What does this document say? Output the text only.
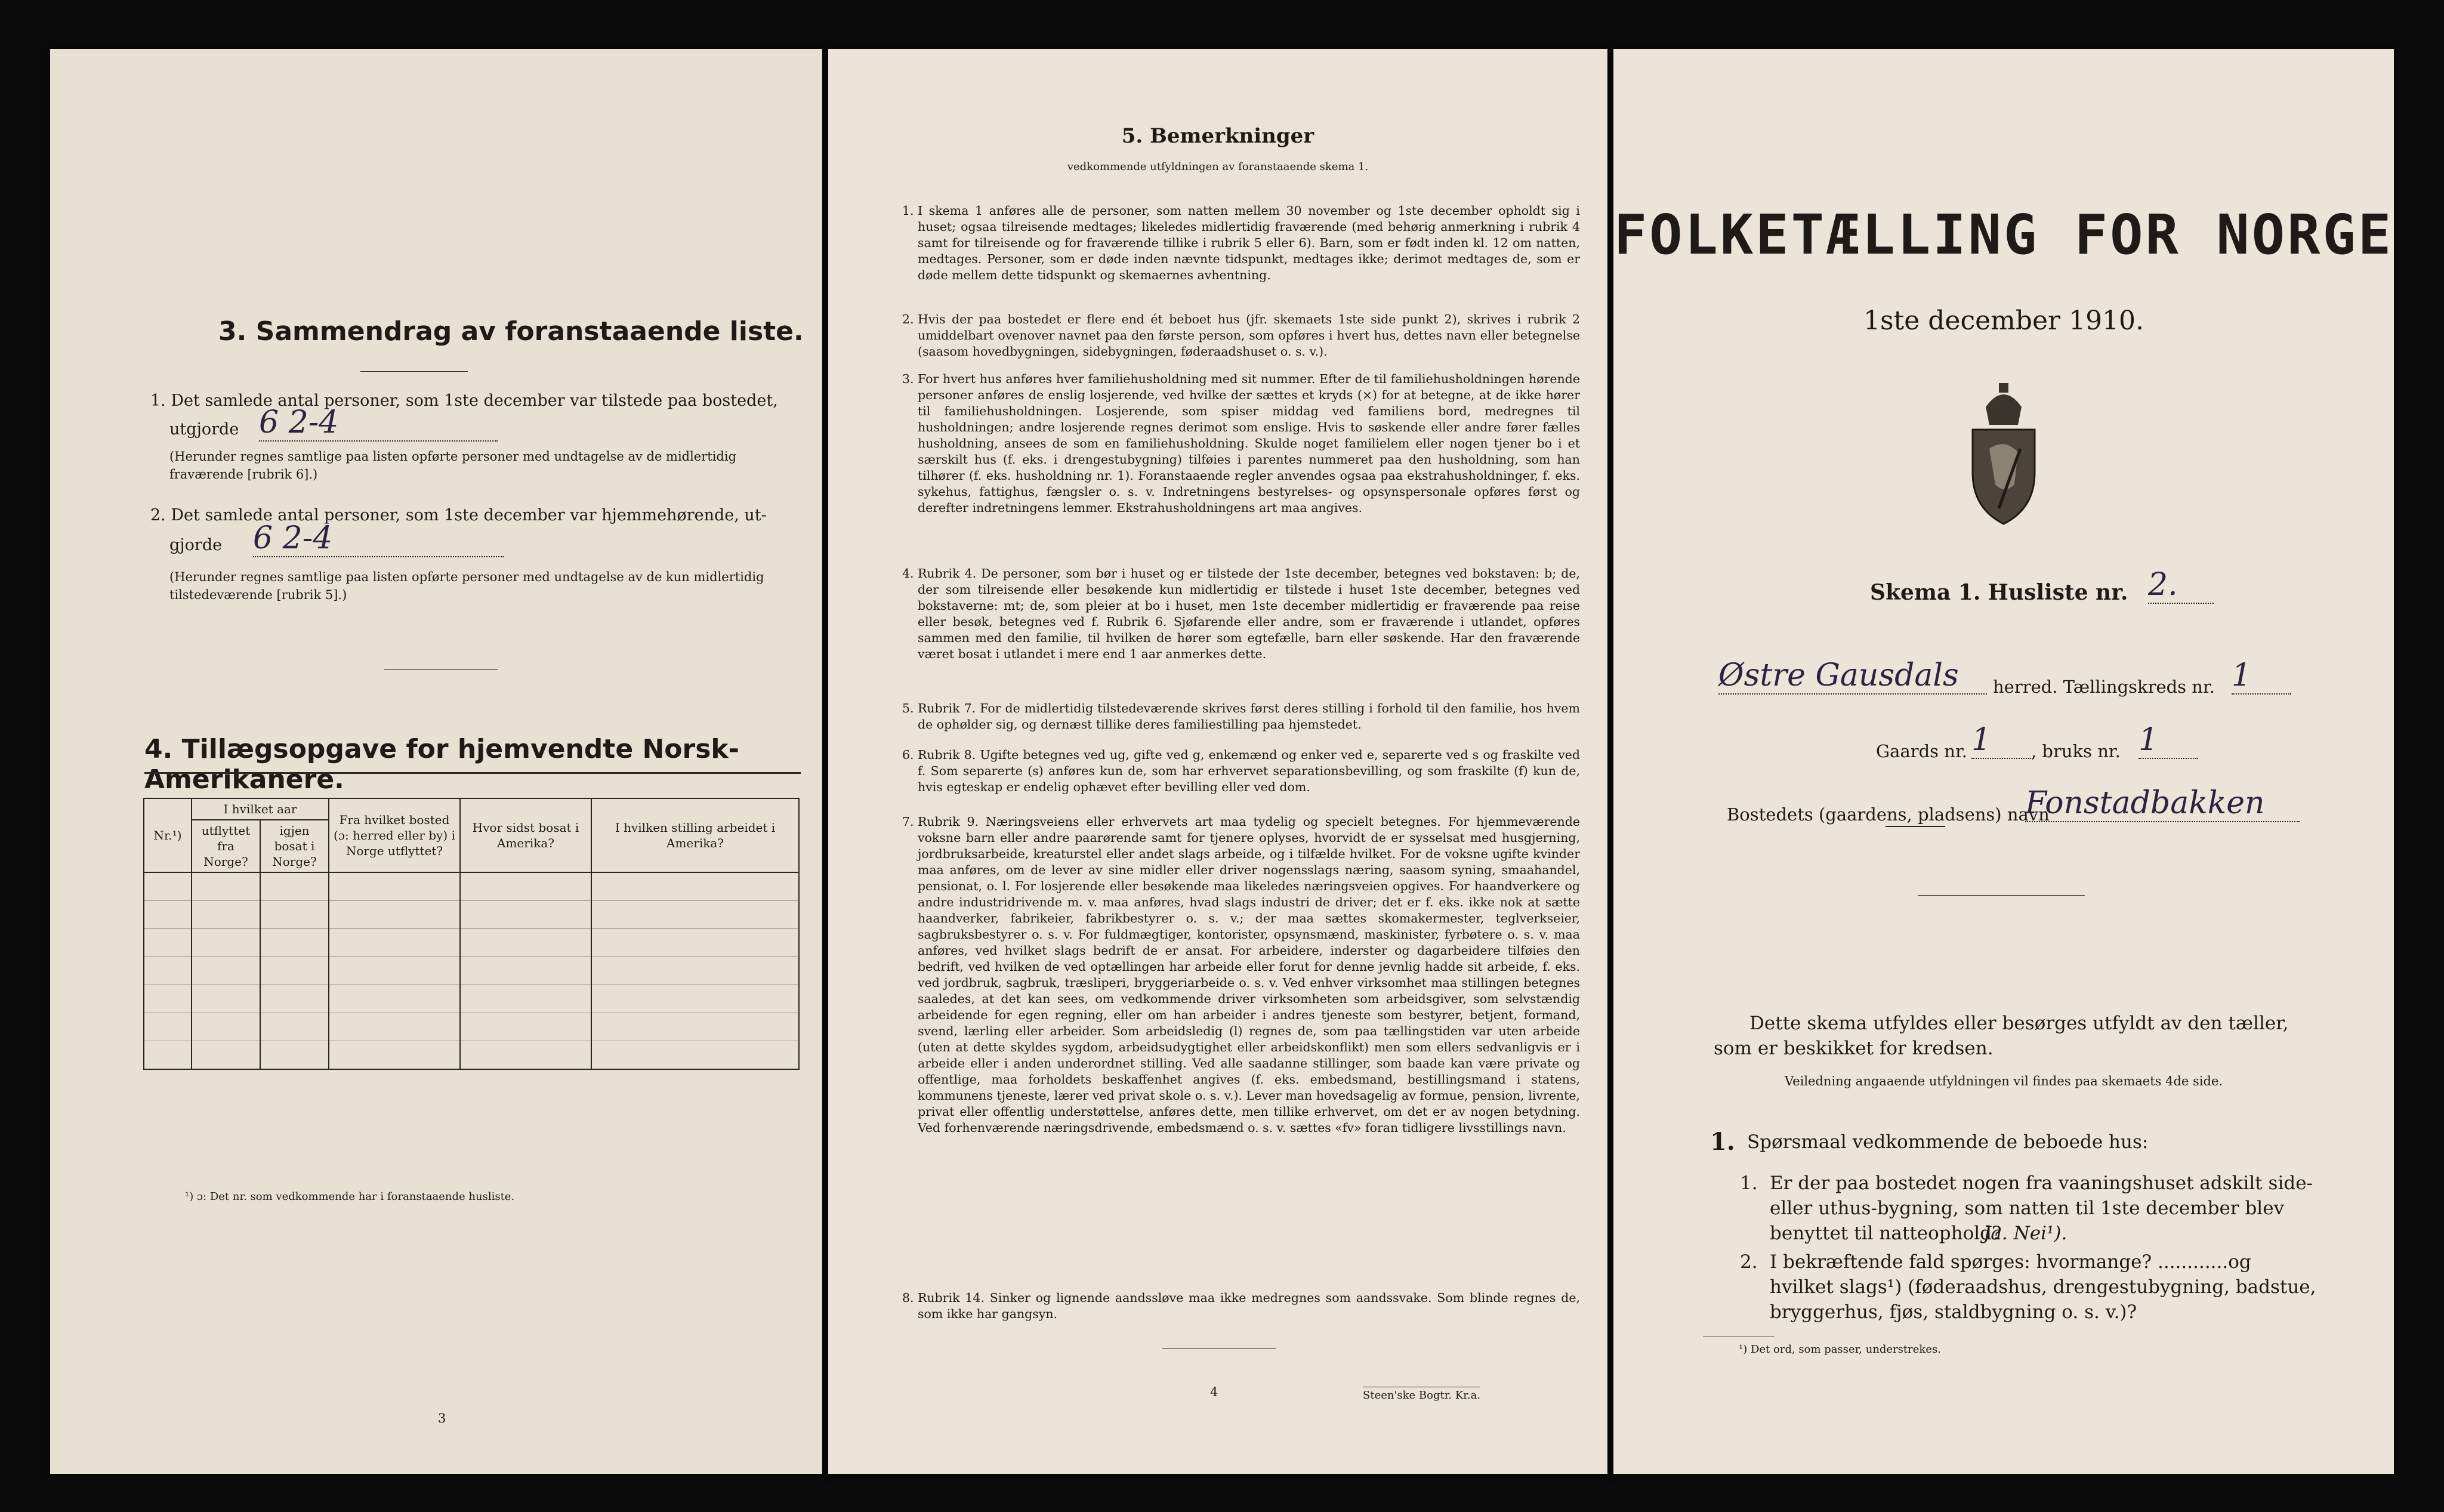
3. Sammendrag av foranstaaende liste.
1. Det samlede antal personer, som 1ste december var tilstede paa bostedet,
utgjorde 6 2-4
(Herunder regnes samtlige paa listen opførte personer med undtagelse av de midlertidig fraværende [rubrik 6].)
2. Det samlede antal personer, som 1ste december var hjemmehørende, ut-
gjorde 6 2-4
(Herunder regnes samtlige paa listen opførte personer med undtagelse av de kun midlertidig tilstedeværende [rubrik 5].)
4. Tillægsopgave for hjemvendte Norsk-Amerikanere.
Nr.¹)	I hvilket aar		Fra hvilket bosted (ɔ: herred eller by) i Norge utflyttet?	Hvor sidst bosat i Amerika?	I hvilken stilling arbeidet i Amerika?
	utflyttet fra Norge?	igjen bosat i Norge?			

¹) ɔ: Det nr. som vedkommende har i foranstaaende husliste.
3
5. Bemerkninger
vedkommende utfyldningen av foranstaaende skema 1.
1. I skema 1 anføres alle de personer, som natten mellem 30 november og 1ste december opholdt sig i huset; ogsaa tilreisende medtages; likeledes midlertidig fraværende (med behørig anmerkning i rubrik 4 samt for tilreisende og for fraværende tillike i rubrik 5 eller 6). Barn, som er født inden kl. 12 om natten, medtages. Personer, som er døde inden nævnte tidspunkt, medtages ikke; derimot medtages de, som er døde mellem dette tidspunkt og skemaernes avhentning.
2. Hvis der paa bostedet er flere end ét beboet hus (jfr. skemaets 1ste side punkt 2), skrives i rubrik 2 umiddelbart ovenover navnet paa den første person, som opføres i hvert hus, dettes navn eller betegnelse (saasom hovedbygningen, sidebygningen, føderaadshuset o. s. v.).
3. For hvert hus anføres hver familiehusholdning med sit nummer. Efter de til familiehusholdningen hørende personer anføres de enslig losjerende, ved hvilke der sættes et kryds (×) for at betegne, at de ikke hører til familiehusholdningen. Losjerende, som spiser middag ved familiens bord, medregnes til husholdningen; andre losjerende regnes derimot som enslige. Hvis to søskende eller andre fører fælles husholdning, ansees de som en familiehusholdning. Skulde noget familielem eller nogen tjener bo i et særskilt hus (f. eks. i drengestubygning) tilføies i parentes nummeret paa den husholdning, som han tilhører (f. eks. husholdning nr. 1). Foranstaaende regler anvendes ogsaa paa ekstrahusholdninger, f. eks. sykehus, fattighus, fængsler o. s. v. Indretningens bestyrelses- og opsynspersonale opføres først og derefter indretningens lemmer. Ekstrahusholdningens art maa angives.
4. Rubrik 4. De personer, som bør i huset og er tilstede der 1ste december, betegnes ved bokstaven: b; de, der som tilreisende eller besøkende kun midlertidig er tilstede i huset 1ste december, betegnes ved bokstaverne: mt; de, som pleier at bo i huset, men 1ste december midlertidig er fraværende paa reise eller besøk, betegnes ved f. Rubrik 6. Sjøfarende eller andre, som er fraværende i utlandet, opføres sammen med den familie, til hvilken de hører som egtefælle, barn eller søskende. Har den fraværende været bosat i utlandet i mere end 1 aar anmerkes dette.
5. Rubrik 7. For de midlertidig tilstedeværende skrives først deres stilling i forhold til den familie, hos hvem de ophølder sig, og dernæst tillike deres familiestilling paa hjemstedet.
6. Rubrik 8. Ugifte betegnes ved ug, gifte ved g, enkemænd og enker ved e, separerte ved s og fraskilte ved f. Som separerte (s) anføres kun de, som har erhvervet separationsbevilling, og som fraskilte (f) kun de, hvis egteskap er endelig ophævet efter bevilling eller ved dom.
7. Rubrik 9. Næringsveiens eller erhvervets art maa tydelig og specielt betegnes. For hjemmeværende voksne barn eller andre paarørende samt for tjenere oplyses, hvorvidt de er sysselsat med husgjerning, jordbruksarbeide, kreaturstel eller andet slags arbeide, og i tilfælde hvilket. For de voksne ugifte kvinder maa anføres, om de lever av sine midler eller driver nogensslags næring, saasom syning, smaahandel, pensionat, o. l. For losjerende eller besøkende maa likeledes næringsveien opgives. For haandverkere og andre industridrivende m. v. maa anføres, hvad slags industri de driver; det er f. eks. ikke nok at sætte haandverker, fabrikeier, fabrikbestyrer o. s. v.; der maa sættes skomakermester, teglverkseier, sagbruksbestyrer o. s. v. For fuldmægtiger, kontorister, opsynsmænd, maskinister, fyrbøtere o. s. v. maa anføres, ved hvilket slags bedrift de er ansat. For arbeidere, inderster og dagarbeidere tilføies den bedrift, ved hvilken de ved optællingen har arbeide eller forut for denne jevnlig hadde sit arbeide, f. eks. ved jordbruk, sagbruk, træsliperi, bryggeriarbeide o. s. v. Ved enhver virksomhet maa stillingen betegnes saaledes, at det kan sees, om vedkommende driver virksomheten som arbeidsgiver, som selvstændig arbeidende for egen regning, eller om han arbeider i andres tjeneste som bestyrer, betjent, formand, svend, lærling eller arbeider. Som arbeidsledig (l) regnes de, som paa tællingstiden var uten arbeide (uten at dette skyldes sygdom, arbeidsudygtighet eller arbeidskonflikt) men som ellers sedvanligvis er i arbeide eller i anden underordnet stilling. Ved alle saadanne stillinger, som baade kan være private og offentlige, maa forholdets beskaffenhet angives (f. eks. embedsmand, bestillingsmand i statens, kommunens tjeneste, lærer ved privat skole o. s. v.). Lever man hovedsagelig av formue, pension, livrente, privat eller offentlig understøttelse, anføres dette, men tillike erhvervet, om det er av nogen betydning. Ved forhenværende næringsdrivende, embedsmænd o. s. v. sættes «fv» foran tidligere livsstillings navn.
8. Rubrik 14. Sinker og lignende aandssløve maa ikke medregnes som aandssvake. Som blinde regnes de, som ikke har gangsyn.
4	Steen'ske Bogtr. Kr.a.
FOLKETÆLLING FOR NORGE
1ste december 1910.
Skema 1. Husliste nr. 2.
Østre Gausdals	herred. Tællingskreds nr. 1
Gaards nr. 1	, bruks nr. 1
Bostedets (gaardens, pladsens) navn
Fonstadbakken
Dette skema utfyldes eller besørges utfyldt av den tæller, som er beskikket for kredsen.
Veiledning angaaende utfyldningen vil findes paa skemaets 4de side.
1. Spørsmaal vedkommende de beboede hus:
1. Er der paa bostedet nogen fra vaaningshuset adskilt side- eller uthus-bygning, som natten til 1ste december blev benyttet til natteophold?
Ja. Nei¹).
2. I bekræftende fald spørges: hvormange? ............og hvilket slags¹) (føderaadshus, drengestubygning, badstue, bryggerhus, fjøs, staldbygning o. s. v.)?
¹) Det ord, som passer, understrekes.
